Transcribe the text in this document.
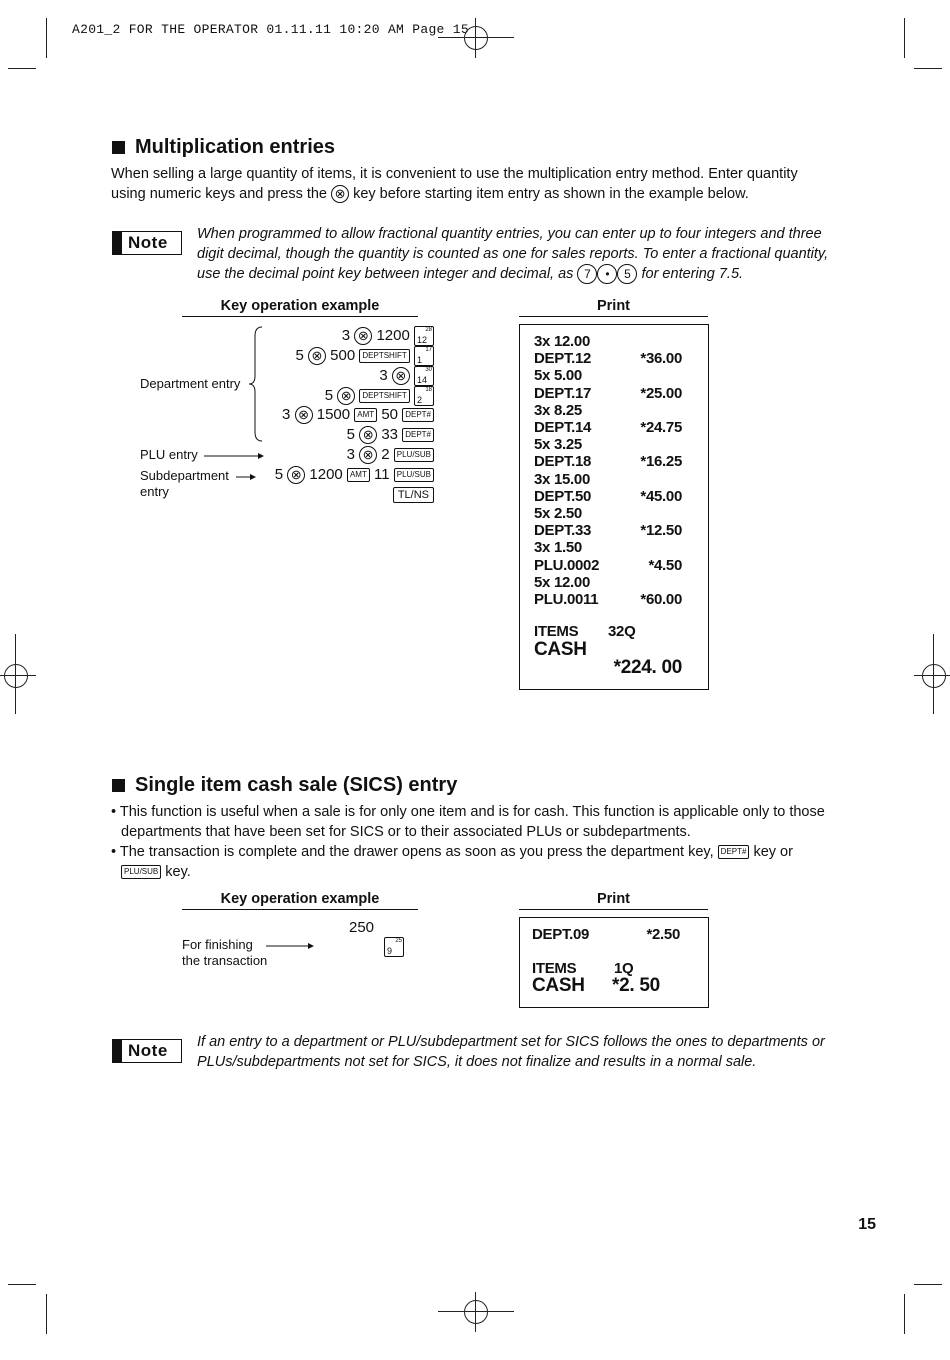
A201_2 FOR THE OPERATOR 01.11.11 10:20 AM Page 15
Multiplication entries
When selling a large quantity of items, it is convenient to use the multiplication entry method. Enter quantity
using numeric keys and press the ⊗ key before starting item entry as shown in the example below.
Note When programmed to allow fractional quantity entries, you can enter up to four integers and three
digit decimal, though the quantity is counted as one for sales reports. To enter a fractional quantity,
use the decimal point key between integer and decimal, as 7 • 5 for entering 7.5.
Key operation example	Print
Department entry
PLU entry
Subdepartment
entry
3 ⊗ 1200	28
12
5 ⊗ 500 DEPTSHIFT
17
1
3 ⊗	30
14
5 ⊗ DEPTSHIFT
18
2
3 ⊗ 1500 AMT 50 DEPT#
5 ⊗ 33 DEPT#
3 ⊗ 2 PLU/SUB
5 ⊗ 1200 AMT 11 PLU/SUB
TL/NS
3x 12.00
DEPT.12	*36.00
5x 5.00
DEPT.17	*25.00
3x 8.25
DEPT.14	*24.75
5x 3.25
DEPT.18	*16.25
3x 15.00
DEPT.50	*45.00
5x 2.50
DEPT.33	*12.50
3x 1.50
PLU.0002	*4.50
5x 12.00
PLU.0011	*60.00
ITEMS 32Q
CASH
*224. 00
Single item cash sale (SICS) entry
• This function is useful when a sale is for only one item and is for cash. This function is applicable only to those
departments that have been set for SICS or to their associated PLUs or subdepartments.
• The transaction is complete and the drawer opens as soon as you press the department key, DEPT# key or
PLU/SUB key.
Key operation example	Print
250
25
9
For finishing
the transaction
DEPT.09	*2.50
ITEMS	1Q
CASH *2. 50
Note If an entry to a department or PLU/subdepartment set for SICS follows the ones to departments or
PLUs/subdepartments not set for SICS, it does not finalize and results in a normal sale.
15
